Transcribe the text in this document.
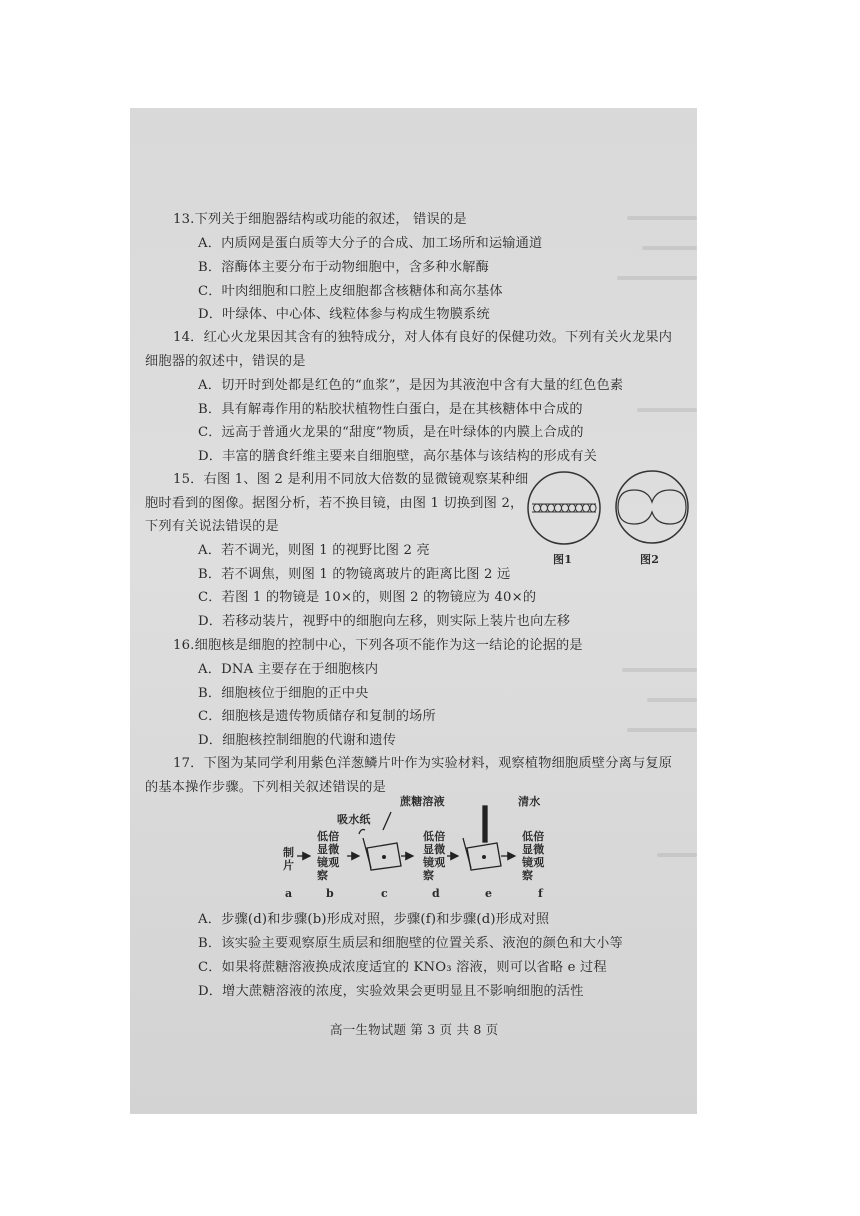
13.下列关于细胞器结构或功能的叙述， 错误的是
A．内质网是蛋白质等大分子的合成、加工场所和运输通道
B．溶酶体主要分布于动物细胞中，含多种水解酶
C．叶肉细胞和口腔上皮细胞都含核糖体和高尔基体
D．叶绿体、中心体、线粒体参与构成生物膜系统
14．红心火龙果因其含有的独特成分，对人体有良好的保健功效。下列有关火龙果内
细胞器的叙述中，错误的是
A．切开时到处都是红色的“血浆”，是因为其液泡中含有大量的红色色素
B．具有解毒作用的粘胶状植物性白蛋白，是在其核糖体中合成的
C．远高于普通火龙果的“甜度”物质，是在叶绿体的内膜上合成的
D．丰富的膳食纤维主要来自细胞壁，高尔基体与该结构的形成有关
15．右图 1、图 2 是利用不同放大倍数的显微镜观察某种细
胞时看到的图像。据图分析，若不换目镜，由图 1 切换到图 2，
下列有关说法错误的是
A．若不调光，则图 1 的视野比图 2 亮
B．若不调焦，则图 1 的物镜离玻片的距离比图 2 远
C．若图 1 的物镜是 10×的，则图 2 的物镜应为 40×的
D．若移动装片，视野中的细胞向左移，则实际上装片也向左移
图1	图2
16.细胞核是细胞的控制中心，下列各项不能作为这一结论的论据的是
A．DNA 主要存在于细胞核内
B．细胞核位于细胞的正中央
C．细胞核是遗传物质储存和复制的场所
D．细胞核控制细胞的代谢和遗传
17．下图为某同学利用紫色洋葱鳞片叶作为实验材料，观察植物细胞质壁分离与复原
的基本操作步骤。下列相关叙述错误的是
蔗糖溶液	清水
吸水纸
制片
低倍显微镜观察
低倍显微镜观察
低倍显微镜观察
a	b	c	d	e	f
A．步骤(d)和步骤(b)形成对照，步骤(f)和步骤(d)形成对照
B．该实验主要观察原生质层和细胞壁的位置关系、液泡的颜色和大小等
C．如果将蔗糖溶液换成浓度适宜的 KNO₃ 溶液，则可以省略 e 过程
D．增大蔗糖溶液的浓度，实验效果会更明显且不影响细胞的活性
高一生物试题 第 3 页 共 8 页
